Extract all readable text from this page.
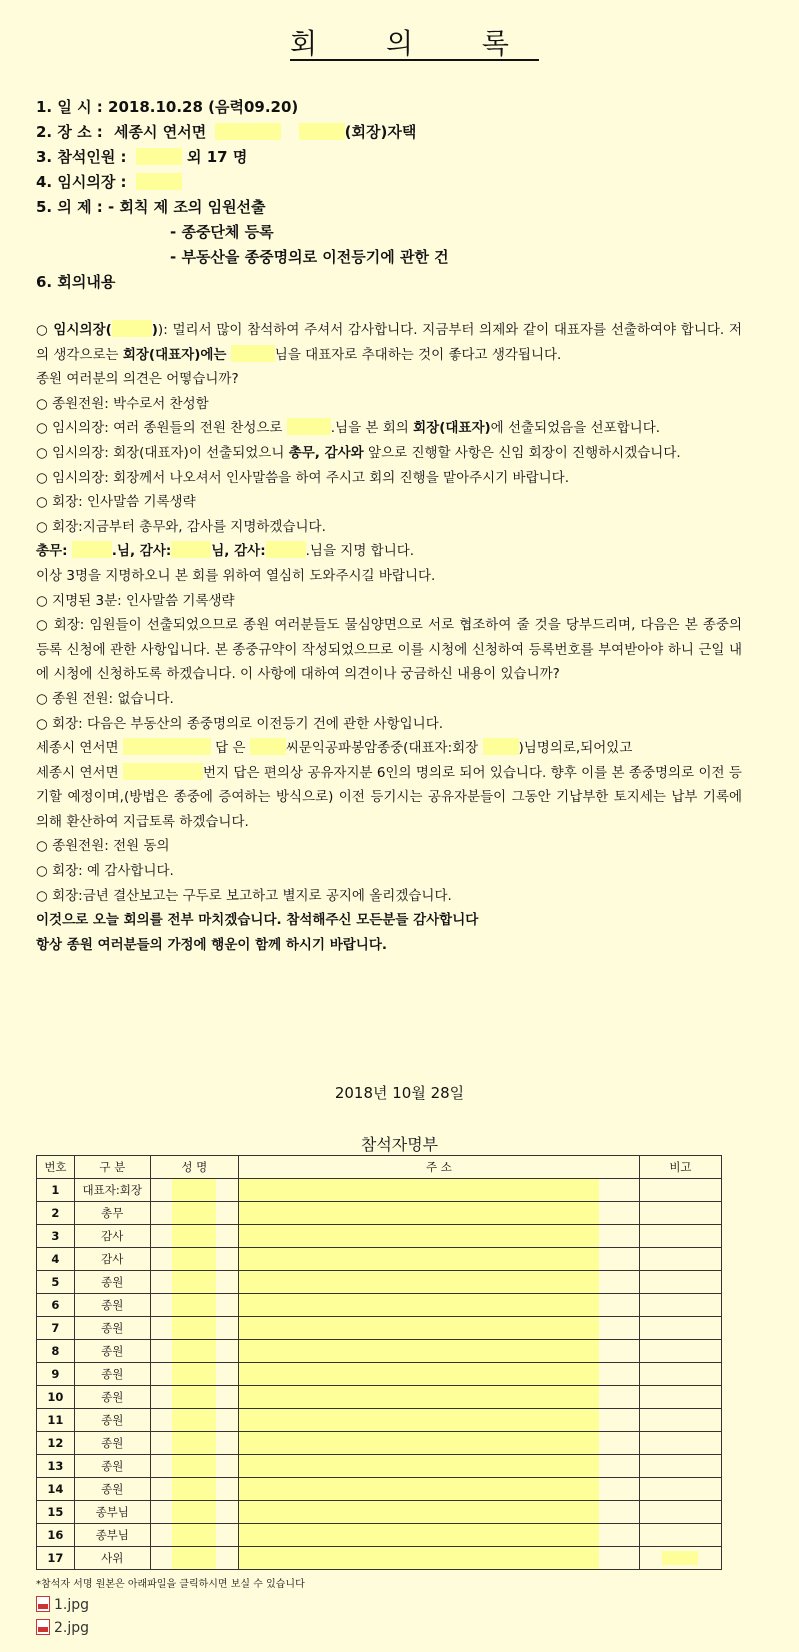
회 의 록
1. 일 시 : 2018.10.28 (음력09.20)
2. 장 소 : 세종시 연서면	(회장)자택
3. 참석인원 :	외 17 명
4. 임시의장 :
5. 의 제 : - 회칙 제 조의 임원선출
- 종중단체 등록
- 부동산을 종중명의로 이전등기에 관한 건
6. 회의내용

○ 임시의장(	)): 멀리서 많이 참석하여 주셔서 감사합니다. 지금부터 의제와 같이 대표자를 선출하여야 합니다. 저의 생각으로는 회장(대표자)에는	님을 대표자로 추대하는 것이 좋다고 생각됩니다.

종원 여러분의 의견은 어떻습니까?

○ 종원전원: 박수로서 찬성함

○ 임시의장: 여러 종원들의 전원 찬성으로	.님을 본 회의 회장(대표자)에 선출되었음을 선포합니다.

○ 임시의장: 회장(대표자)이 선출되었으니 총무, 감사와 앞으로 진행할 사항은 신임 회장이 진행하시겠습니다.

○ 임시의장: 회장께서 나오셔서 인사말씀을 하여 주시고 회의 진행을 맡아주시기 바랍니다.

○ 회장: 인사말씀 기록생략

○ 회장:지금부터 총무와, 감사를 지명하겠습니다.

총무:	.님, 감사:	님, 감사:	.님을 지명 합니다.

이상 3명을 지명하오니 본 회를 위하여 열심히 도와주시길 바랍니다.

○ 지명된 3분: 인사말씀 기록생략

○ 회장: 임원들이 선출되었으므로 종원 여러분들도 물심양면으로 서로 협조하여 줄 것을 당부드리며, 다음은 본 종중의 등록 신청에 관한 사항입니다. 본 종중규약이 작성되었으므로 이를 시청에 신청하여 등록번호를 부여받아야 하니 근일 내에 시청에 신청하도록 하겠습니다. 이 사항에 대하여 의견이나 궁금하신 내용이 있습니까?

○ 종원 전원: 없습니다.

○ 회장: 다음은 부동산의 종중명의로 이전등기 건에 관한 사항입니다.

세종시 연서면	답 은	씨문익공파봉암종중(대표자:회장	)님명의로,되어있고

세종시 연서면	번지 답은 편의상 공유자지분 6인의 명의로 되어 있습니다. 향후 이를 본 종중명의로 이전 등기할 예정이며,(방법은 종중에 증여하는 방식으로) 이전 등기시는 공유자분들이 그동안 기납부한 토지세는 납부 기록에 의해 환산하여 지급토록 하겠습니다.

○ 종원전원: 전원 동의

○ 회장: 예 감사합니다.

○ 회장:금년 결산보고는 구두로 보고하고 별지로 공지에 올리겠습니다.

이것으로 오늘 회의를 전부 마치겠습니다. 참석해주신 모든분들 감사합니다

항상 종원 여러분들의 가정에 행운이 함께 하시기 바랍니다.

2018년 10월 28일
참석자명부
번호	구 분	성 명	주 소	비고
1	대표자:회장	

2	총무	

3	감사	

4	감사	

5	종원	

6	종원	

7	종원	

8	종원	

9	종원	

10	종원	

11	종원	

12	종원	

13	종원	

14	종원	

15	종부님	

16	종부님	

17	사위	

*참석자 서명 원본은 아래파일을 클릭하시면 보실 수 있습니다
1.jpg
2.jpg
